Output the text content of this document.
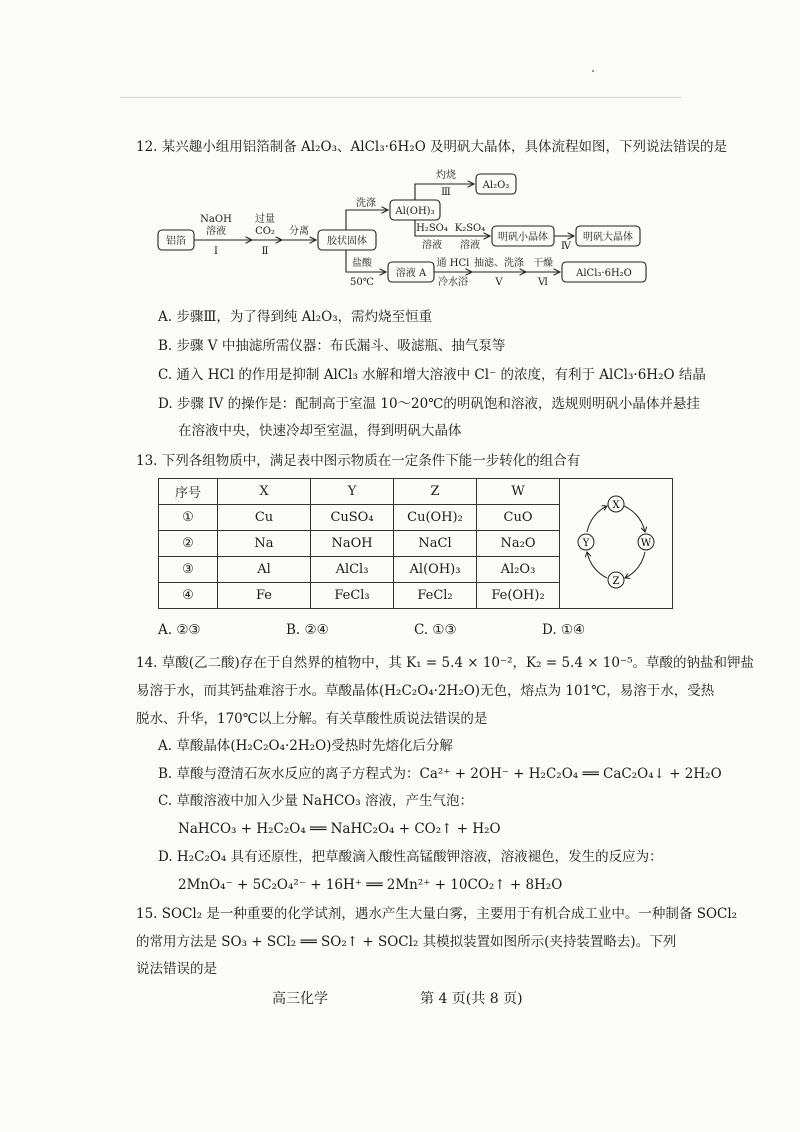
12. 某兴趣小组用铝箔制备 Al₂O₃、AlCl₃·6H₂O 及明矾大晶体，具体流程如图，下列说法错误的是
铝箔
NaOH
溶液
Ⅰ
过量
CO₂
Ⅱ
分离
胶状固体
洗涤
Al(OH)₃
灼烧
Ⅲ
Al₂O₃
H₂SO₄
溶液
K₂SO₄
溶液
明矾小晶体
Ⅳ
明矾大晶体
盐酸
50℃
溶液 A
通 HCl
冷水浴
抽滤、洗涤
Ⅴ
干燥
Ⅵ
AlCl₃·6H₂O
A. 步骤Ⅲ，为了得到纯 Al₂O₃，需灼烧至恒重
B. 步骤 V 中抽滤所需仪器：布氏漏斗、吸滤瓶、抽气泵等
C. 通入 HCl 的作用是抑制 AlCl₃ 水解和增大溶液中 Cl⁻ 的浓度，有利于 AlCl₃·6H₂O 结晶
D. 步骤 IV 的操作是：配制高于室温 10～20℃的明矾饱和溶液，选规则明矾小晶体并悬挂
在溶液中央，快速冷却至室温，得到明矾大晶体
13. 下列各组物质中，满足表中图示物质在一定条件下能一步转化的组合有
序号	X	Y	Z	W	X
W
Z
Y

①	Cu	CuSO₄	Cu(OH)₂	CuO	
②	Na	NaOH	NaCl	Na₂O	
③	Al	AlCl₃	Al(OH)₃	Al₂O₃	
④	Fe	FeCl₃	FeCl₂	Fe(OH)₂	
A. ②③	B. ②④	C. ①③	D. ①④
14. 草酸(乙二酸)存在于自然界的植物中，其 K₁ = 5.4 × 10⁻²，K₂ = 5.4 × 10⁻⁵。草酸的钠盐和钾盐
易溶于水，而其钙盐难溶于水。草酸晶体(H₂C₂O₄·2H₂O)无色，熔点为 101℃，易溶于水，受热
脱水、升华，170℃以上分解。有关草酸性质说法错误的是
A. 草酸晶体(H₂C₂O₄·2H₂O)受热时先熔化后分解
B. 草酸与澄清石灰水反应的离子方程式为：Ca²⁺ + 2OH⁻ + H₂C₂O₄ ══ CaC₂O₄↓ + 2H₂O
C. 草酸溶液中加入少量 NaHCO₃ 溶液，产生气泡：
NaHCO₃ + H₂C₂O₄ ══ NaHC₂O₄ + CO₂↑ + H₂O
D. H₂C₂O₄ 具有还原性，把草酸滴入酸性高锰酸钾溶液，溶液褪色，发生的反应为：
2MnO₄⁻ + 5C₂O₄²⁻ + 16H⁺ ══ 2Mn²⁺ + 10CO₂↑ + 8H₂O
15. SOCl₂ 是一种重要的化学试剂，遇水产生大量白雾，主要用于有机合成工业中。一种制备 SOCl₂
的常用方法是 SO₃ + SCl₂ ══ SO₂↑ + SOCl₂ 其模拟装置如图所示(夹持装置略去)。下列
说法错误的是
高三化学	第 4 页(共 8 页)
